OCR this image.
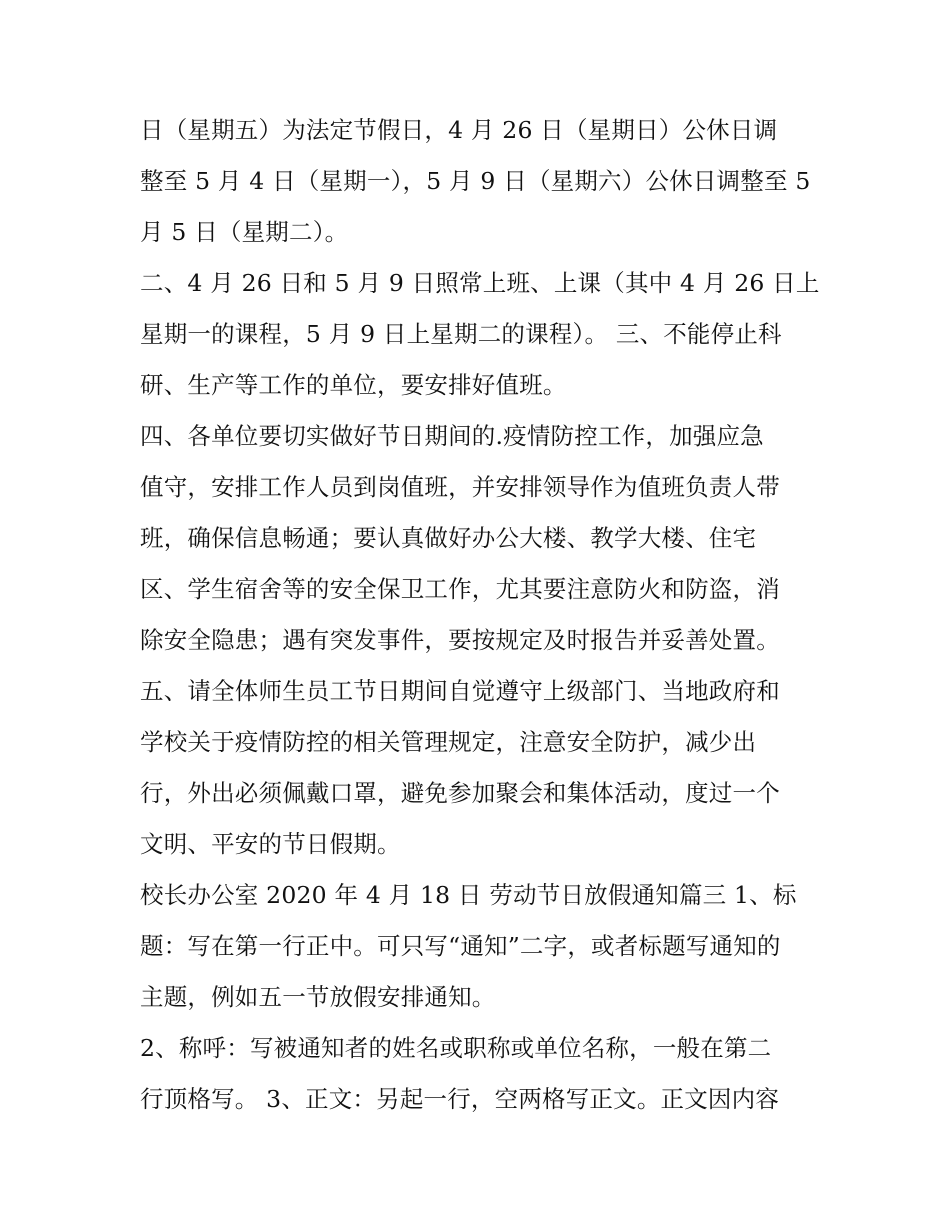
日（星期五）为法定节假日，4 月 26 日（星期日）公休日调
整至 5 月 4 日（星期一），5 月 9 日（星期六）公休日调整至 5
月 5 日（星期二）。
二、4 月 26 日和 5 月 9 日照常上班、上课（其中 4 月 26 日上
星期一的课程，5 月 9 日上星期二的课程）。 三、不能停止科
研、生产等工作的单位，要安排好值班。
四、各单位要切实做好节日期间的.疫情防控工作，加强应急
值守，安排工作人员到岗值班，并安排领导作为值班负责人带
班，确保信息畅通；要认真做好办公大楼、教学大楼、住宅
区、学生宿舍等的安全保卫工作，尤其要注意防火和防盗，消
除安全隐患；遇有突发事件，要按规定及时报告并妥善处置。
五、请全体师生员工节日期间自觉遵守上级部门、当地政府和
学校关于疫情防控的相关管理规定，注意安全防护，减少出
行，外出必须佩戴口罩，避免参加聚会和集体活动，度过一个
文明、平安的节日假期。
校长办公室 2020 年 4 月 18 日 劳动节日放假通知篇三 1、标
题：写在第一行正中。可只写“通知”二字，或者标题写通知的
主题，例如五一节放假安排通知。
2、称呼：写被通知者的姓名或职称或单位名称，一般在第二
行顶格写。 3、正文：另起一行，空两格写正文。正文因内容
